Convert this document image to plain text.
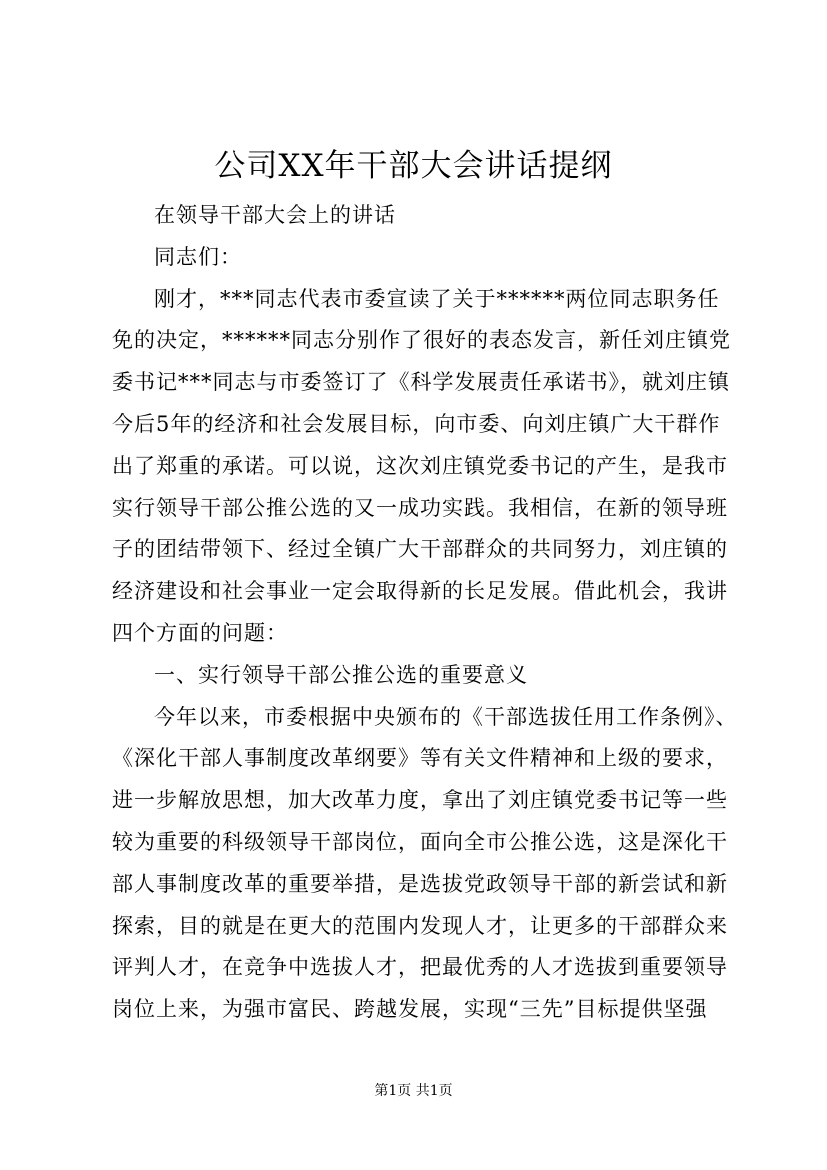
公司XX年干部大会讲话提纲
在领导干部大会上的讲话
同志们：
刚才，***同志代表市委宣读了关于******两位同志职务任
免的决定，******同志分别作了很好的表态发言，新任刘庄镇党
委书记***同志与市委签订了《科学发展责任承诺书》，就刘庄镇
今后5年的经济和社会发展目标，向市委、向刘庄镇广大干群作
出了郑重的承诺。可以说，这次刘庄镇党委书记的产生，是我市
实行领导干部公推公选的又一成功实践。我相信，在新的领导班
子的团结带领下、经过全镇广大干部群众的共同努力，刘庄镇的
经济建设和社会事业一定会取得新的长足发展。借此机会，我讲
四个方面的问题：
一、实行领导干部公推公选的重要意义
今年以来，市委根据中央颁布的《干部选拔任用工作条例》、
《深化干部人事制度改革纲要》等有关文件精神和上级的要求，
进一步解放思想，加大改革力度，拿出了刘庄镇党委书记等一些
较为重要的科级领导干部岗位，面向全市公推公选，这是深化干
部人事制度改革的重要举措，是选拔党政领导干部的新尝试和新
探索，目的就是在更大的范围内发现人才，让更多的干部群众来
评判人才，在竞争中选拔人才，把最优秀的人才选拔到重要领导
岗位上来，为强市富民、跨越发展，实现“三先”目标提供坚强
第1页 共1页
